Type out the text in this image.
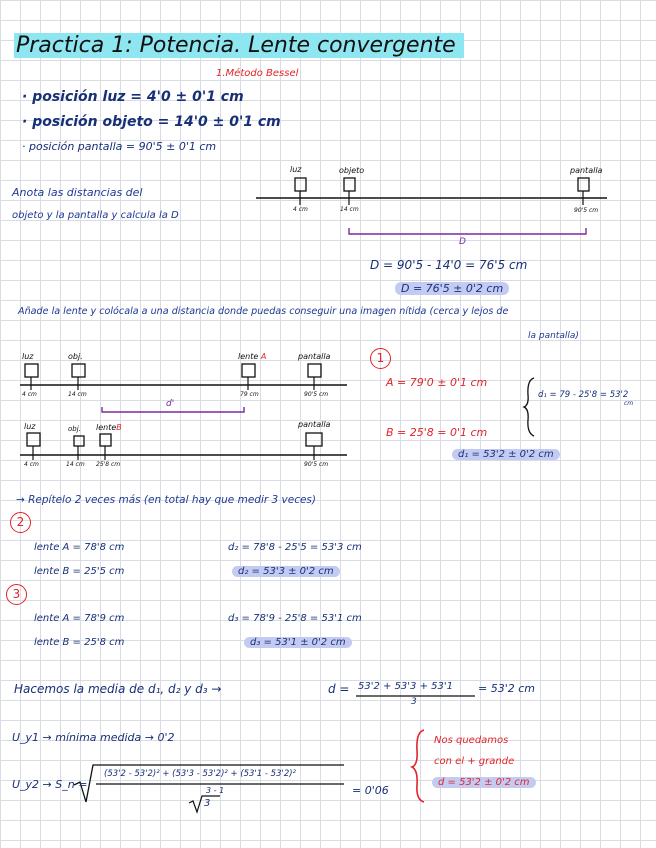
Practica 1: Potencia. Lente convergente
1.Método Bessel
· posición luz = 4'0 ± 0'1 cm
· posición objeto = 14'0 ± 0'1 cm
· posición pantalla = 90'5 ± 0'1 cm
Anota las distancias del
objeto y la pantalla y calcula la D
luz	objeto	pantalla
4 cm	14 cm	90'5 cm
D
D = 90'5 - 14'0 = 76'5 cm
D = 76'5 ± 0'2 cm
Añade la lente y colócala a una distancia donde puedas conseguir una imagen nítida (cerca y lejos de
la pantalla)
luz	obj.	lente A	pantalla
4 cm	14 cm	79 cm	90'5 cm
d'
luz	obj. lenteB	pantalla
4 cm	14 cm 25'8 cm	90'5 cm
1
A = 79'0 ± 0'1 cm
B = 25'8 = 0'1 cm
d₁ = 79 - 25'8 = 53'2
cm
d₁ = 53'2 ± 0'2 cm
→ Repítelo 2 veces más (en total hay que medir 3 veces)
2
lente A = 78'8 cm
lente B = 25'5 cm
d₂ = 78'8 - 25'5 = 53'3 cm
d₂ = 53'3 ± 0'2 cm
3
lente A = 78'9 cm
lente B = 25'8 cm
d₃ = 78'9 - 25'8 = 53'1 cm
d₃ = 53'1 ± 0'2 cm
Hacemos la media de d₁, d₂ y d₃ →	d = 53'2 + 53'3 + 53'1
3
= 53'2 cm
U_y1 → mínima medida → 0'2
U_y2 → S_n =
(53'2 - 53'2)² + (53'3 - 53'2)² + (53'1 - 53'2)²
3 - 1
3
= 0'06
Nos quedamos
con el + grande
d = 53'2 ± 0'2 cm
